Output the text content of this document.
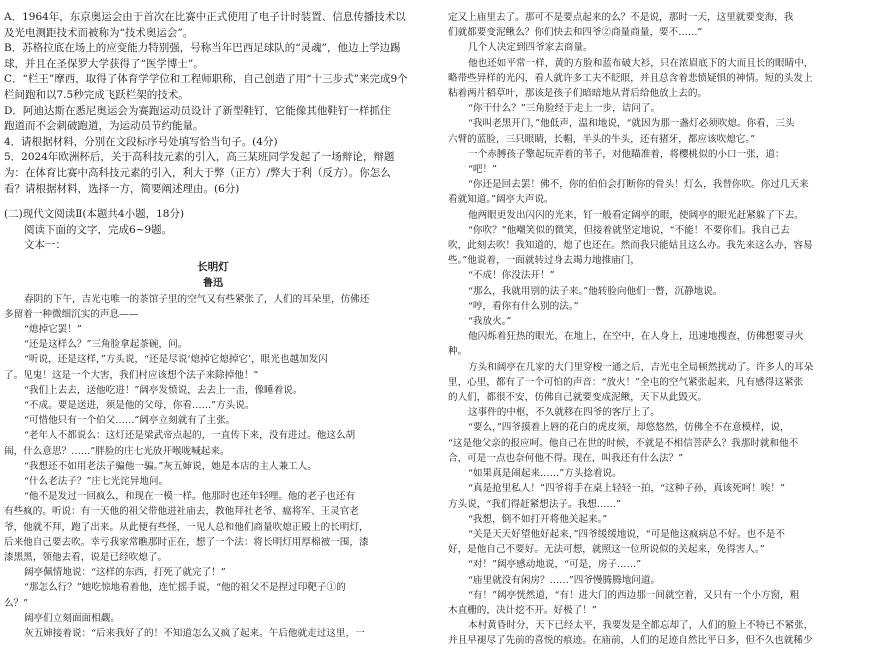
A．1964年，东京奥运会由于首次在比赛中正式使用了电子计时装置、信息传播技术以
及光电测距技术而被称为“技术奥运会”。
B．苏格拉底在场上的应变能力特别强，号称当年巴西足球队的“灵魂”，他边上学边踢
球，并且在圣保罗大学获得了“医学博士”。
C．“栏王”摩西，取得了体育学学位和工程师职称，自己创造了用“十三步式”来完成9个
栏间跑和以7.5秒完成飞跃栏架的技术。
D．阿迪达斯在悉尼奥运会为赛跑运动员设计了新型鞋钉，它能像其他鞋钉一样抓住
跑道而不会刺破跑道，为运动员节约能量。
4．请根据材料，分别在文段标序号处填写恰当句子。(4分)
5．2024年欧洲杯后，关于高科技元素的引入，高三某班同学发起了一场辩论，辩题
为：在体育比赛中高科技元素的引入，利大于弊（正方）/弊大于利（反方）。你怎么
看？请根据材料，选择一方，简要阐述理由。(6分)
(二)现代文阅读Ⅱ(本题共4小题，18分)
阅读下面的文字，完成6~9题。
文本一：
长明灯
鲁迅
春阴的下午，吉光屯唯一的茶馆子里的空气又有些紧张了，人们的耳朵里，仿佛还
多留着一种微细沉实的声息——
“熄掉它罢！”
“还是这样么？”三角脸拿起茶碗，问。
“听说，还是这样，”方头说，“还是尽说‘熄掉它熄掉它’，眼光也越加发闪
了。见鬼！这是一个大害，我们村应该想个法子来除掉他！”
“我们上去去，送他吃进！”阔亭发愤说，去去上一击，像睡着说。
“不成。要是送进，须是他的父母，你看……”方头说。
“可惜他只有一个伯父……”阔亭立刻就有了主张。
“老年人不都说么：这灯还是梁武帝点起的，一直传下来，没有进过。他这么胡
闹，什么意思？……”胖脸的庄七光放开喉咙喊起来。
“我想还不如用老法子骗他一骗。”灰五婶说，她是本店的主人兼工人。
“什么老法子？”庄七光诧异地问。
“他不是发过一回疯么，和现在一模一样。他那时也还年轻哩。他的老子也还有
有些疯的。听说：有一天他的祖父带他进社庙去，教他拜社老爷、瘟将军、王灵官老
爷，他就不拜，跑了出来。从此便有些怪，一见人总和他们商量吹熄正殿上的长明灯，
后来他自己要去吹。幸亏我家常瞧那时正在，想了一个法：将长明灯用厚棉被一围，漆
漆黑黑，领他去看，说是已经吹熄了。
阔亭佩情地说：“这样的东西，打死了就完了！”
“那怎么行？”她吃惊地看着他，连忙摇手说，“他的祖父不是捏过印靶子①的
么？”
阔亭们立刻面面相觑。
灰五婶接着说：“后来我好了的！不知道怎么又疯了起来。午后他就走过这里，一
定又上庙里去了。那可不是要点起来的么？不是说，那时一天，这里就要变海，我
们就都要变泥鳅么？你们快去和四爷②商量商量，要不……”
几个人决定到四爷家去商量。
他也还如平常一样，黄的方脸和蓝布破大衫，只在浓眉底下的大而且长的眼睛中，
略带些异样的光闪，看人就许多工夫不眨眼，并且总含着悲愤疑惧的神情。短的头发上
粘着两片稻草叶，那该是孩子们暗暗地从背后给他放上去的。
“你干什么？”三角脸经于走上一步，诘问了。
“我叫老黑开门，”他低声，温和地说，“就因为那一盏灯必须吹熄。你看，三头
六臂的蓝脸，三只眼睛，长帽，半头的牛头，还有猪牙，都应该吹熄它。”
一个赤膊孩子擎起玩弄着的苇子，对他瞄准着，将樱桃似的小口一张，道：
“吧！”
“你还是回去罢！佛不，你的伯伯会打断你的骨头！灯么，我替你吹。你过几天来
看就知道。”阔亭大声说。
他两眼更发出闪闪的光来，钉一般看定阔亭的眼，使阔亭的眼光赶紧躲了下去。
“你吹？”他嘲笑似的微笑，但接着就坚定地说，“不能！不要你们。我自己去
吹，此刻去吹！我知道的，熄了也还在。然而我只能姑且这么办。我先来这么办，容易
些。”他说着，一面就转过身去竭力地推庙门，
“不成！你没法开！”
“那么，我就用别的法子来。”他转脸向他们一瞥，沉静地说。
“哼，看你有什么别的法。”
“我放火。”
他闪烁着狂热的眼光，在地上，在空中，在人身上，迅速地搜查，仿佛想要寻火
种。
方头和阔亭在几家的大门里穿梭一通之后，吉光屯全局顿然扰动了。许多人的耳朵
里，心里，都有了一个可怕的声音：“放火！”全屯的空气紧张起来，凡有感得这紧张
的人们，都很不安，仿佛自己就要变成泥鳅，天下从此毁灭。
这事件的中枢，不久就移在四爷的客厅上了。
“要么，”四爷摸着上唇的花白的虎皮须，却悠悠然，仿佛全不在意模样，说，
“这是他父亲的报应呵。他自己在世的时候，不就是不相信菩萨么？我那时就和他不
合，可是一点也奈何他不得。现在，叫我还有什么法？”
“如果真是闹起来……”方头捻着说。
“真是抢里私人！”四爷将手在桌上轻轻一拍，“这种子孙，真该死呵！唉！”
方头说，“我们得赶紧想法子。我想……”
“我想，倒不如打开将他关起来。”
“关是天天好望他好起来，”四爷缓缓地说，“可是他这疯病总不好。也不是不
好，是他自己不要好。无法可想，就照这一位所说似的关起来，免得害人。”
“对！”阔亭感动地说，“可是，房子……”
“庙里就没有闲房？……”四爷慢腾腾地问道。
“有！”阔亭恍然道，“有！进大门的西边那一间就空着，又只有一个小方窗，粗
木直栅的，决计挖不开。好极了！”
本村黄昏时分，天下已经太平，我要发是全都忘却了，人们的脸上不特已不紧张，
并且早褪尽了先前的喜悦的痕迹。在庙前，人们的足迹自然比平日多，但不久也就稀少
